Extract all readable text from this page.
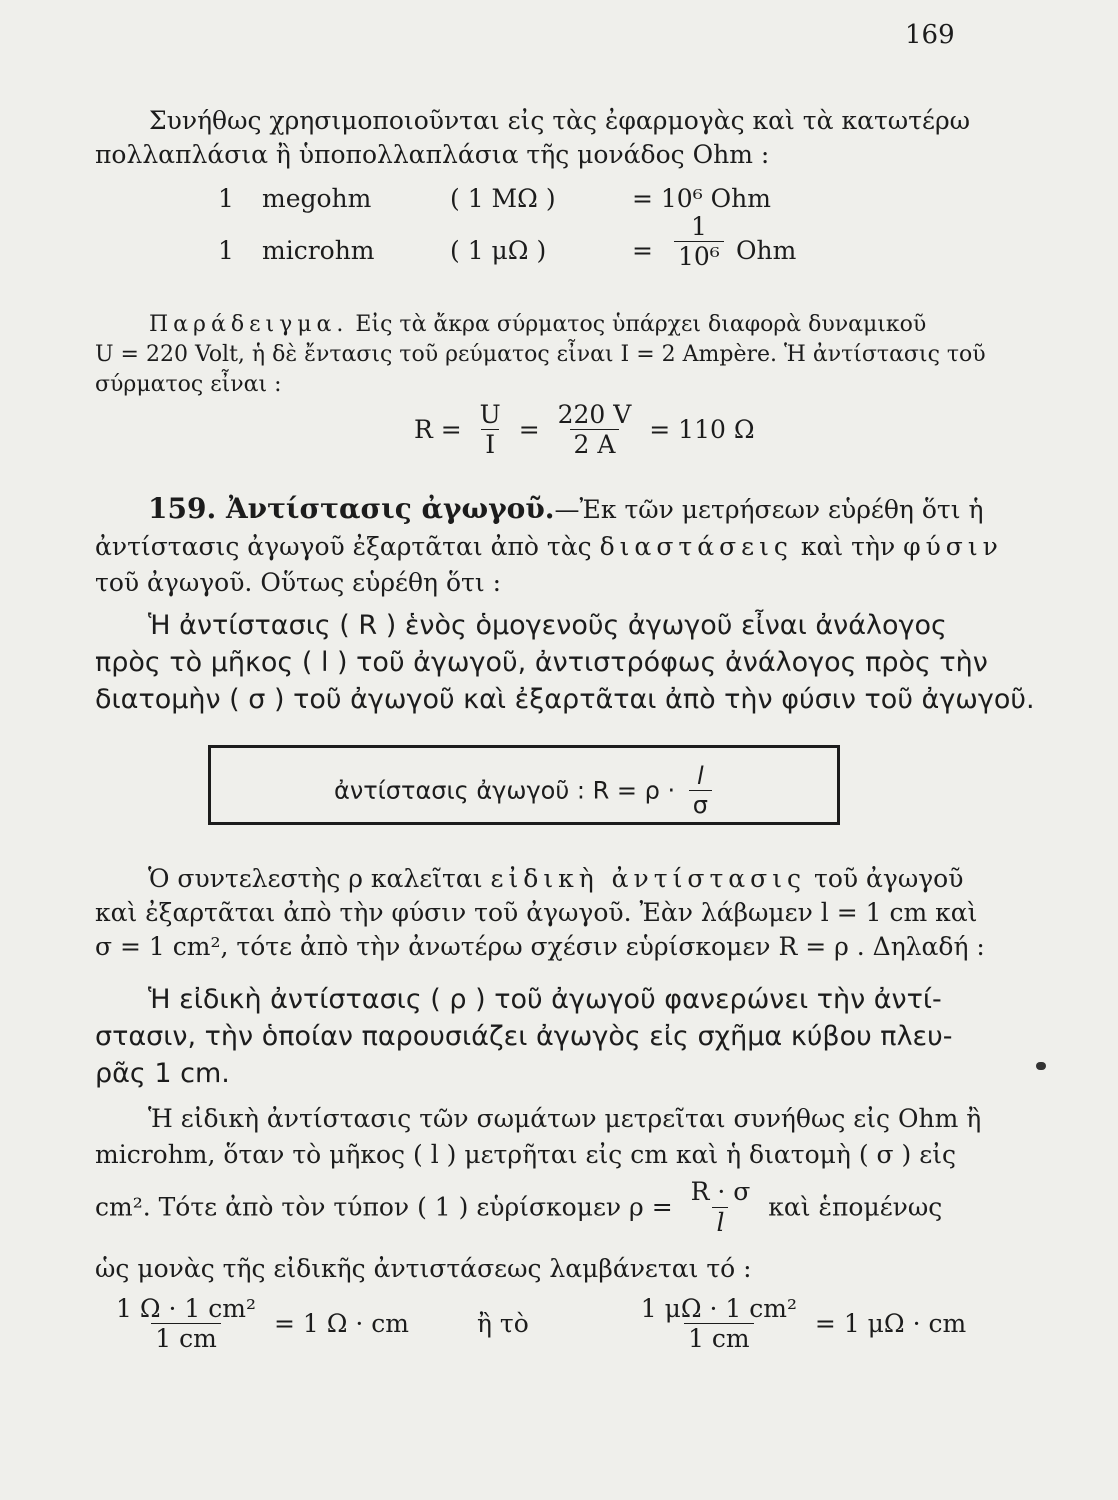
169
Συνήθως χρησιμοποιοῦνται εἰς τὰς ἐφαρμογὰς καὶ τὰ κατωτέρω
πολλαπλάσια ἢ ὑποπολλαπλάσια τῆς μονάδος Ohm :
1 megohm	( 1 MΩ )	= 10⁶ Ohm
1 microhm	( 1 μΩ )	= $\frac{1}{\text{10⁶}}$ Ohm
Παράδειγμα. Εἰς τὰ ἄκρα σύρματος ὑπάρχει διαφορὰ δυναμικοῦ
U = 220 Volt, ἡ δὲ ἔντασις τοῦ ρεύματος εἶναι I = 2 Ampère. Ἡ ἀντίστασις τοῦ
σύρματος εἶναι :
$R = \frac{U}{I} = \frac{220 V}{2 A} = 110$ Ω
159. Ἀντίστασις ἀγωγοῦ.—Ἐκ τῶν μετρήσεων εὑρέθη ὅτι ἡ
ἀντίστασις ἀγωγοῦ ἐξαρτᾶται ἀπὸ τὰς διαστάσεις καὶ τὴν φύσιν
τοῦ ἀγωγοῦ. Οὕτως εὑρέθη ὅτι :
Ἡ ἀντίστασις ( R ) ἑνὸς ὁμογενοῦς ἀγωγοῦ εἶναι ἀνάλογος
πρὸς τὸ μῆκος ( l ) τοῦ ἀγωγοῦ, ἀντιστρόφως ἀνάλογος πρὸς τὴν
διατομὴν ( σ ) τοῦ ἀγωγοῦ καὶ ἐξαρτᾶται ἀπὸ τὴν φύσιν τοῦ ἀγωγοῦ.
ἀντίστασις ἀγωγοῦ : $R = \rho \cdot \frac{l}{\sigma}$
Ὁ συντελεστὴς ρ καλεῖται εἰδικὴ ἀντίστασις τοῦ ἀγωγοῦ
καὶ ἐξαρτᾶται ἀπὸ τὴν φύσιν τοῦ ἀγωγοῦ. Ἐὰν λάβωμεν l = 1 cm καὶ
σ = 1 cm², τότε ἀπὸ τὴν ἀνωτέρω σχέσιν εὑρίσκομεν R = ρ . Δηλαδή :
Ἡ εἰδικὴ ἀντίστασις ( ρ ) τοῦ ἀγωγοῦ φανερώνει τὴν ἀντί-
στασιν, τὴν ὁποίαν παρουσιάζει ἀγωγὸς εἰς σχῆμα κύβου πλευ-
ρᾶς 1 cm.
Ἡ εἰδικὴ ἀντίστασις τῶν σωμάτων μετρεῖται συνήθως εἰς Ohm ἢ
microhm, ὅταν τὸ μῆκος ( l ) μετρῆται εἰς cm καὶ ἡ διατομὴ ( σ ) εἰς
cm². Τότε ἀπὸ τὸν τύπον ( 1 ) εὑρίσκομεν $\rho = \frac{R \cdot \sigma}{l}$ καὶ ἑπομένως
ὡς μονὰς τῆς εἰδικῆς ἀντιστάσεως λαμβάνεται τό :
$\frac{\text{1 Ω · 1 cm²}}{1 cm} = 1$ Ω · cm	ἢ τὸ	$\frac{\text{1 μΩ · 1 cm²}}{1 cm} = 1$ μΩ · cm
